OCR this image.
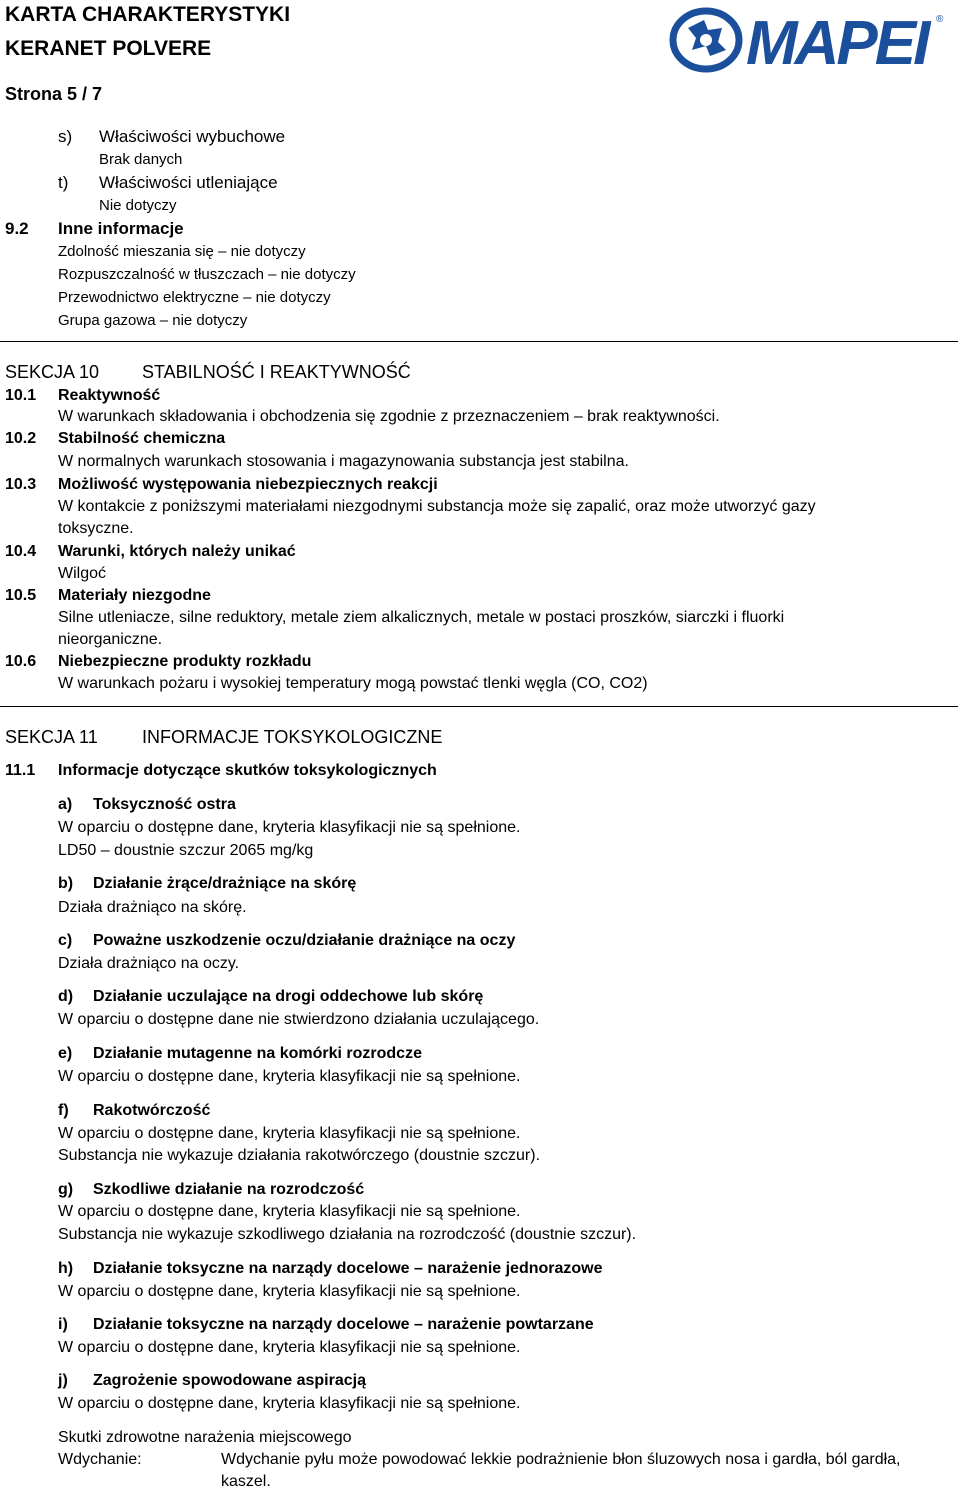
KARTA CHARAKTERYSTYKI
KERANET POLVERE
Strona 5 / 7
MAPEI ®
s) Właściwości wybuchowe
Brak danych
t) Właściwości utleniające
Nie dotyczy
9.2 Inne informacje
Zdolność mieszania się – nie dotyczy
Rozpuszczalność w tłuszczach – nie dotyczy
Przewodnictwo elektryczne – nie dotyczy
Grupa gazowa – nie dotyczy
SEKCJA 10 STABILNOŚĆ I REAKTYWNOŚĆ
10.1 Reaktywność
W warunkach składowania i obchodzenia się zgodnie z przeznaczeniem – brak reaktywności.
10.2 Stabilność chemiczna
W normalnych warunkach stosowania i magazynowania substancja jest stabilna.
10.3 Możliwość występowania niebezpiecznych reakcji
W kontakcie z poniższymi materiałami niezgodnymi substancja może się zapalić, oraz może utworzyć gazy
toksyczne.
10.4 Warunki, których należy unikać
Wilgoć
10.5 Materiały niezgodne
Silne utleniacze, silne reduktory, metale ziem alkalicznych, metale w postaci proszków, siarczki i fluorki
nieorganiczne.
10.6 Niebezpieczne produkty rozkładu
W warunkach pożaru i wysokiej temperatury mogą powstać tlenki węgla (CO, CO2)
SEKCJA 11 INFORMACJE TOKSYKOLOGICZNE
11.1 Informacje dotyczące skutków toksykologicznych
a) Toksyczność ostra
W oparciu o dostępne dane, kryteria klasyfikacji nie są spełnione.
LD50 – doustnie szczur 2065 mg/kg
b) Działanie żrące/drażniące na skórę
Działa drażniąco na skórę.
c) Poważne uszkodzenie oczu/działanie drażniące na oczy
Działa drażniąco na oczy.
d) Działanie uczulające na drogi oddechowe lub skórę
W oparciu o dostępne dane nie stwierdzono działania uczulającego.
e) Działanie mutagenne na komórki rozrodcze
W oparciu o dostępne dane, kryteria klasyfikacji nie są spełnione.
f) Rakotwórczość
W oparciu o dostępne dane, kryteria klasyfikacji nie są spełnione.
Substancja nie wykazuje działania rakotwórczego (doustnie szczur).
g) Szkodliwe działanie na rozrodczość
W oparciu o dostępne dane, kryteria klasyfikacji nie są spełnione.
Substancja nie wykazuje szkodliwego działania na rozrodczość (doustnie szczur).
h) Działanie toksyczne na narządy docelowe – narażenie jednorazowe
W oparciu o dostępne dane, kryteria klasyfikacji nie są spełnione.
i) Działanie toksyczne na narządy docelowe – narażenie powtarzane
W oparciu o dostępne dane, kryteria klasyfikacji nie są spełnione.
j) Zagrożenie spowodowane aspiracją
W oparciu o dostępne dane, kryteria klasyfikacji nie są spełnione.
Skutki zdrowotne narażenia miejscowego
Wdychanie:	Wdychanie pyłu może powodować lekkie podrażnienie błon śluzowych nosa i gardła, ból gardła,
kaszel.
